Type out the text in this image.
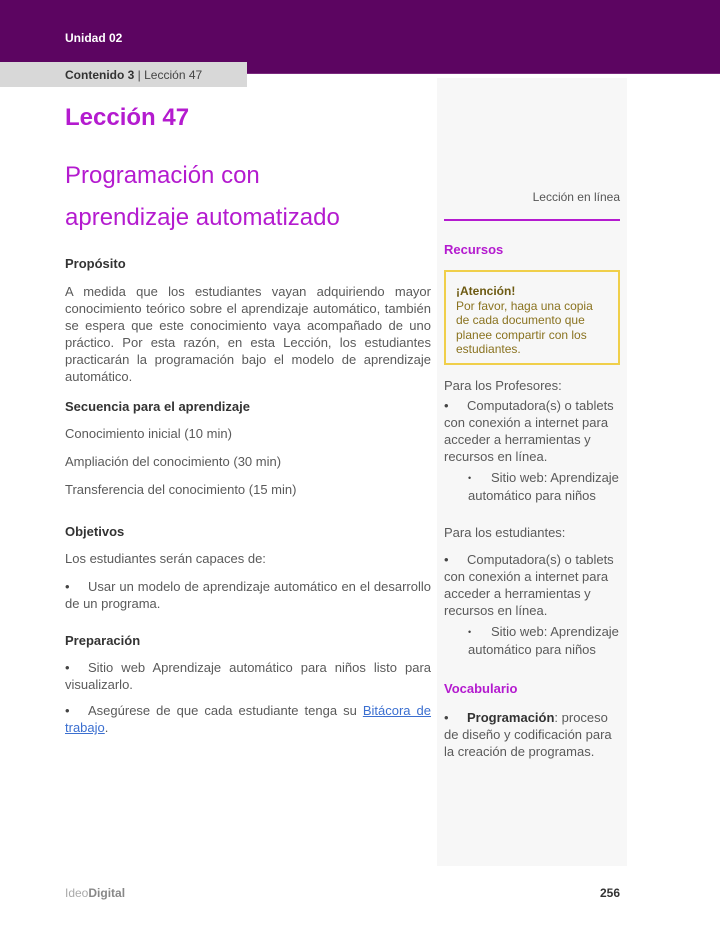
Unidad 02
Contenido 3 | Lección 47
Lección 47
Programación con
aprendizaje automatizado
Propósito

A medida que los estudiantes vayan adquiriendo mayor conocimiento teórico sobre el aprendizaje automático, también se espera que este conocimiento vaya acompañado de uno práctico. Por esta razón, en esta Lección, los estudiantes practicarán la programación bajo el modelo de aprendizaje automático.

Secuencia para el aprendizaje
Conocimiento inicial (10 min)
Ampliación del conocimiento (30 min)
Transferencia del conocimiento (15 min)
Objetivos
Los estudiantes serán capaces de:

• Usar un modelo de aprendizaje automático en el desarrollo de un programa.

Preparación

• Sitio web Aprendizaje automático para niños listo para visualizarlo.

• Asegúrese de que cada estudiante tenga su Bitácora de trabajo.

Lección en línea
Recursos
¡Atención!
Por favor, haga una copia de cada documento que planee compartir con los estudiantes.
Para los Profesores:
• Computadora(s) o tablets con conexión a internet para acceder a herramientas y recursos en línea.
• Sitio web: Aprendizaje automático para niños
Para los estudiantes:
• Computadora(s) o tablets con conexión a internet para acceder a herramientas y recursos en línea.
• Sitio web: Aprendizaje automático para niños
Vocabulario
• Programación: proceso de diseño y codificación para la creación de programas.
IdeoDigital	256
